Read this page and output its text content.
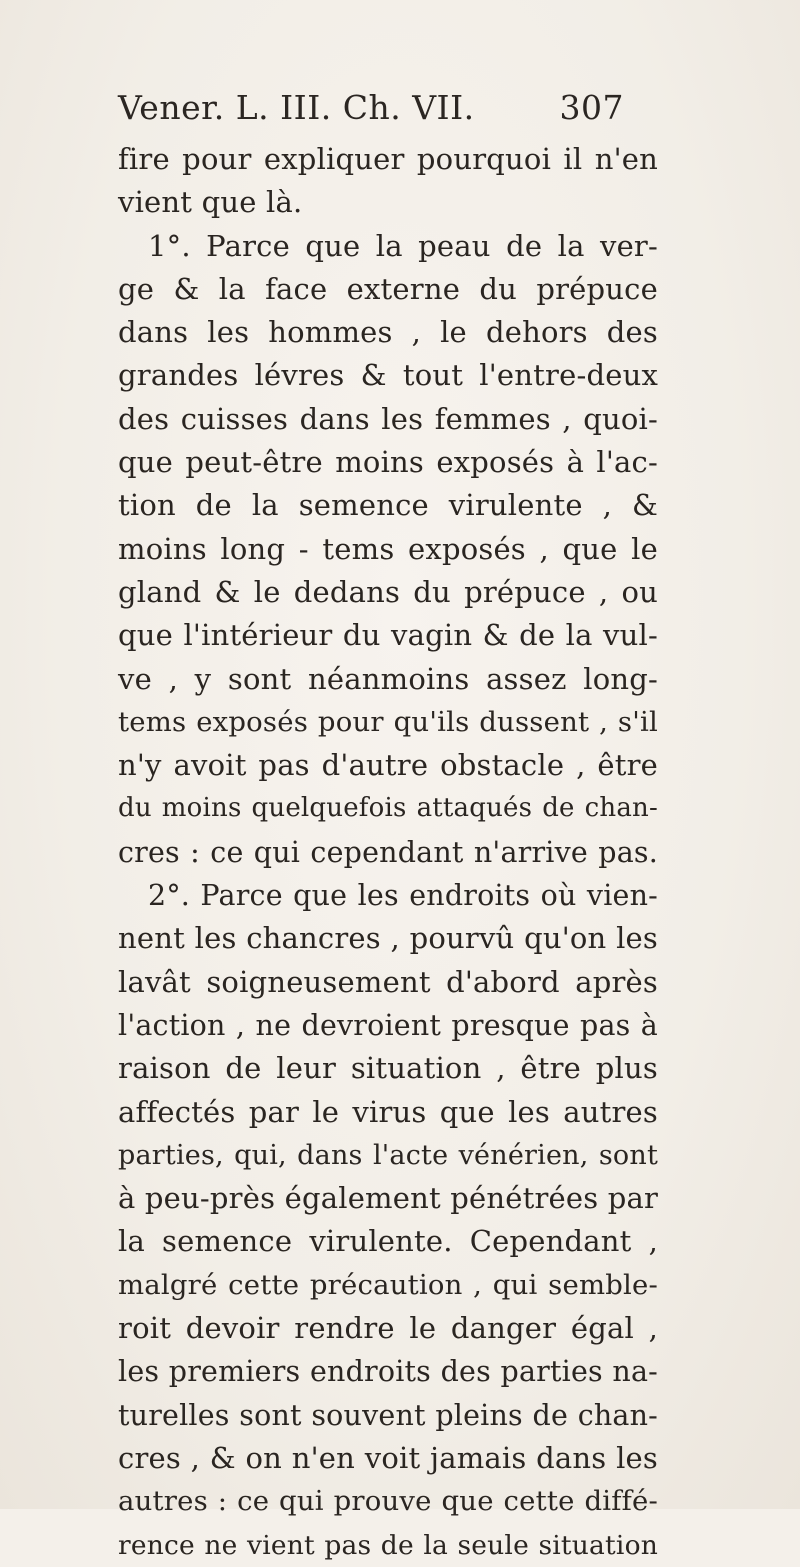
Vener. L. III. Ch. VII.	307
fire pour expliquer pourquoi il n'en
vient que là.
1°. Parce que la peau de la ver-
ge & la face externe du prépuce
dans les hommes , le dehors des
grandes lévres & tout l'entre-deux
des cuisses dans les femmes , quoi-
que peut-être moins exposés à l'ac-
tion de la semence virulente , &
moins long - tems exposés , que le
gland & le dedans du prépuce , ou
que l'intérieur du vagin & de la vul-
ve , y sont néanmoins assez long-
tems exposés pour qu'ils dussent , s'il
n'y avoit pas d'autre obstacle , être
du moins quelquefois attaqués de chan-
cres : ce qui cependant n'arrive pas.
2°. Parce que les endroits où vien-
nent les chancres , pourvû qu'on les
lavât soigneusement d'abord après
l'action , ne devroient presque pas à
raison de leur situation , être plus
affectés par le virus que les autres
parties, qui, dans l'acte vénérien, sont
à peu-près également pénétrées par
la semence virulente. Cependant ,
malgré cette précaution , qui semble-
roit devoir rendre le danger égal ,
les premiers endroits des parties na-
turelles sont souvent pleins de chan-
cres , & on n'en voit jamais dans les
autres : ce qui prouve que cette diffé-
rence ne vient pas de la seule situation
